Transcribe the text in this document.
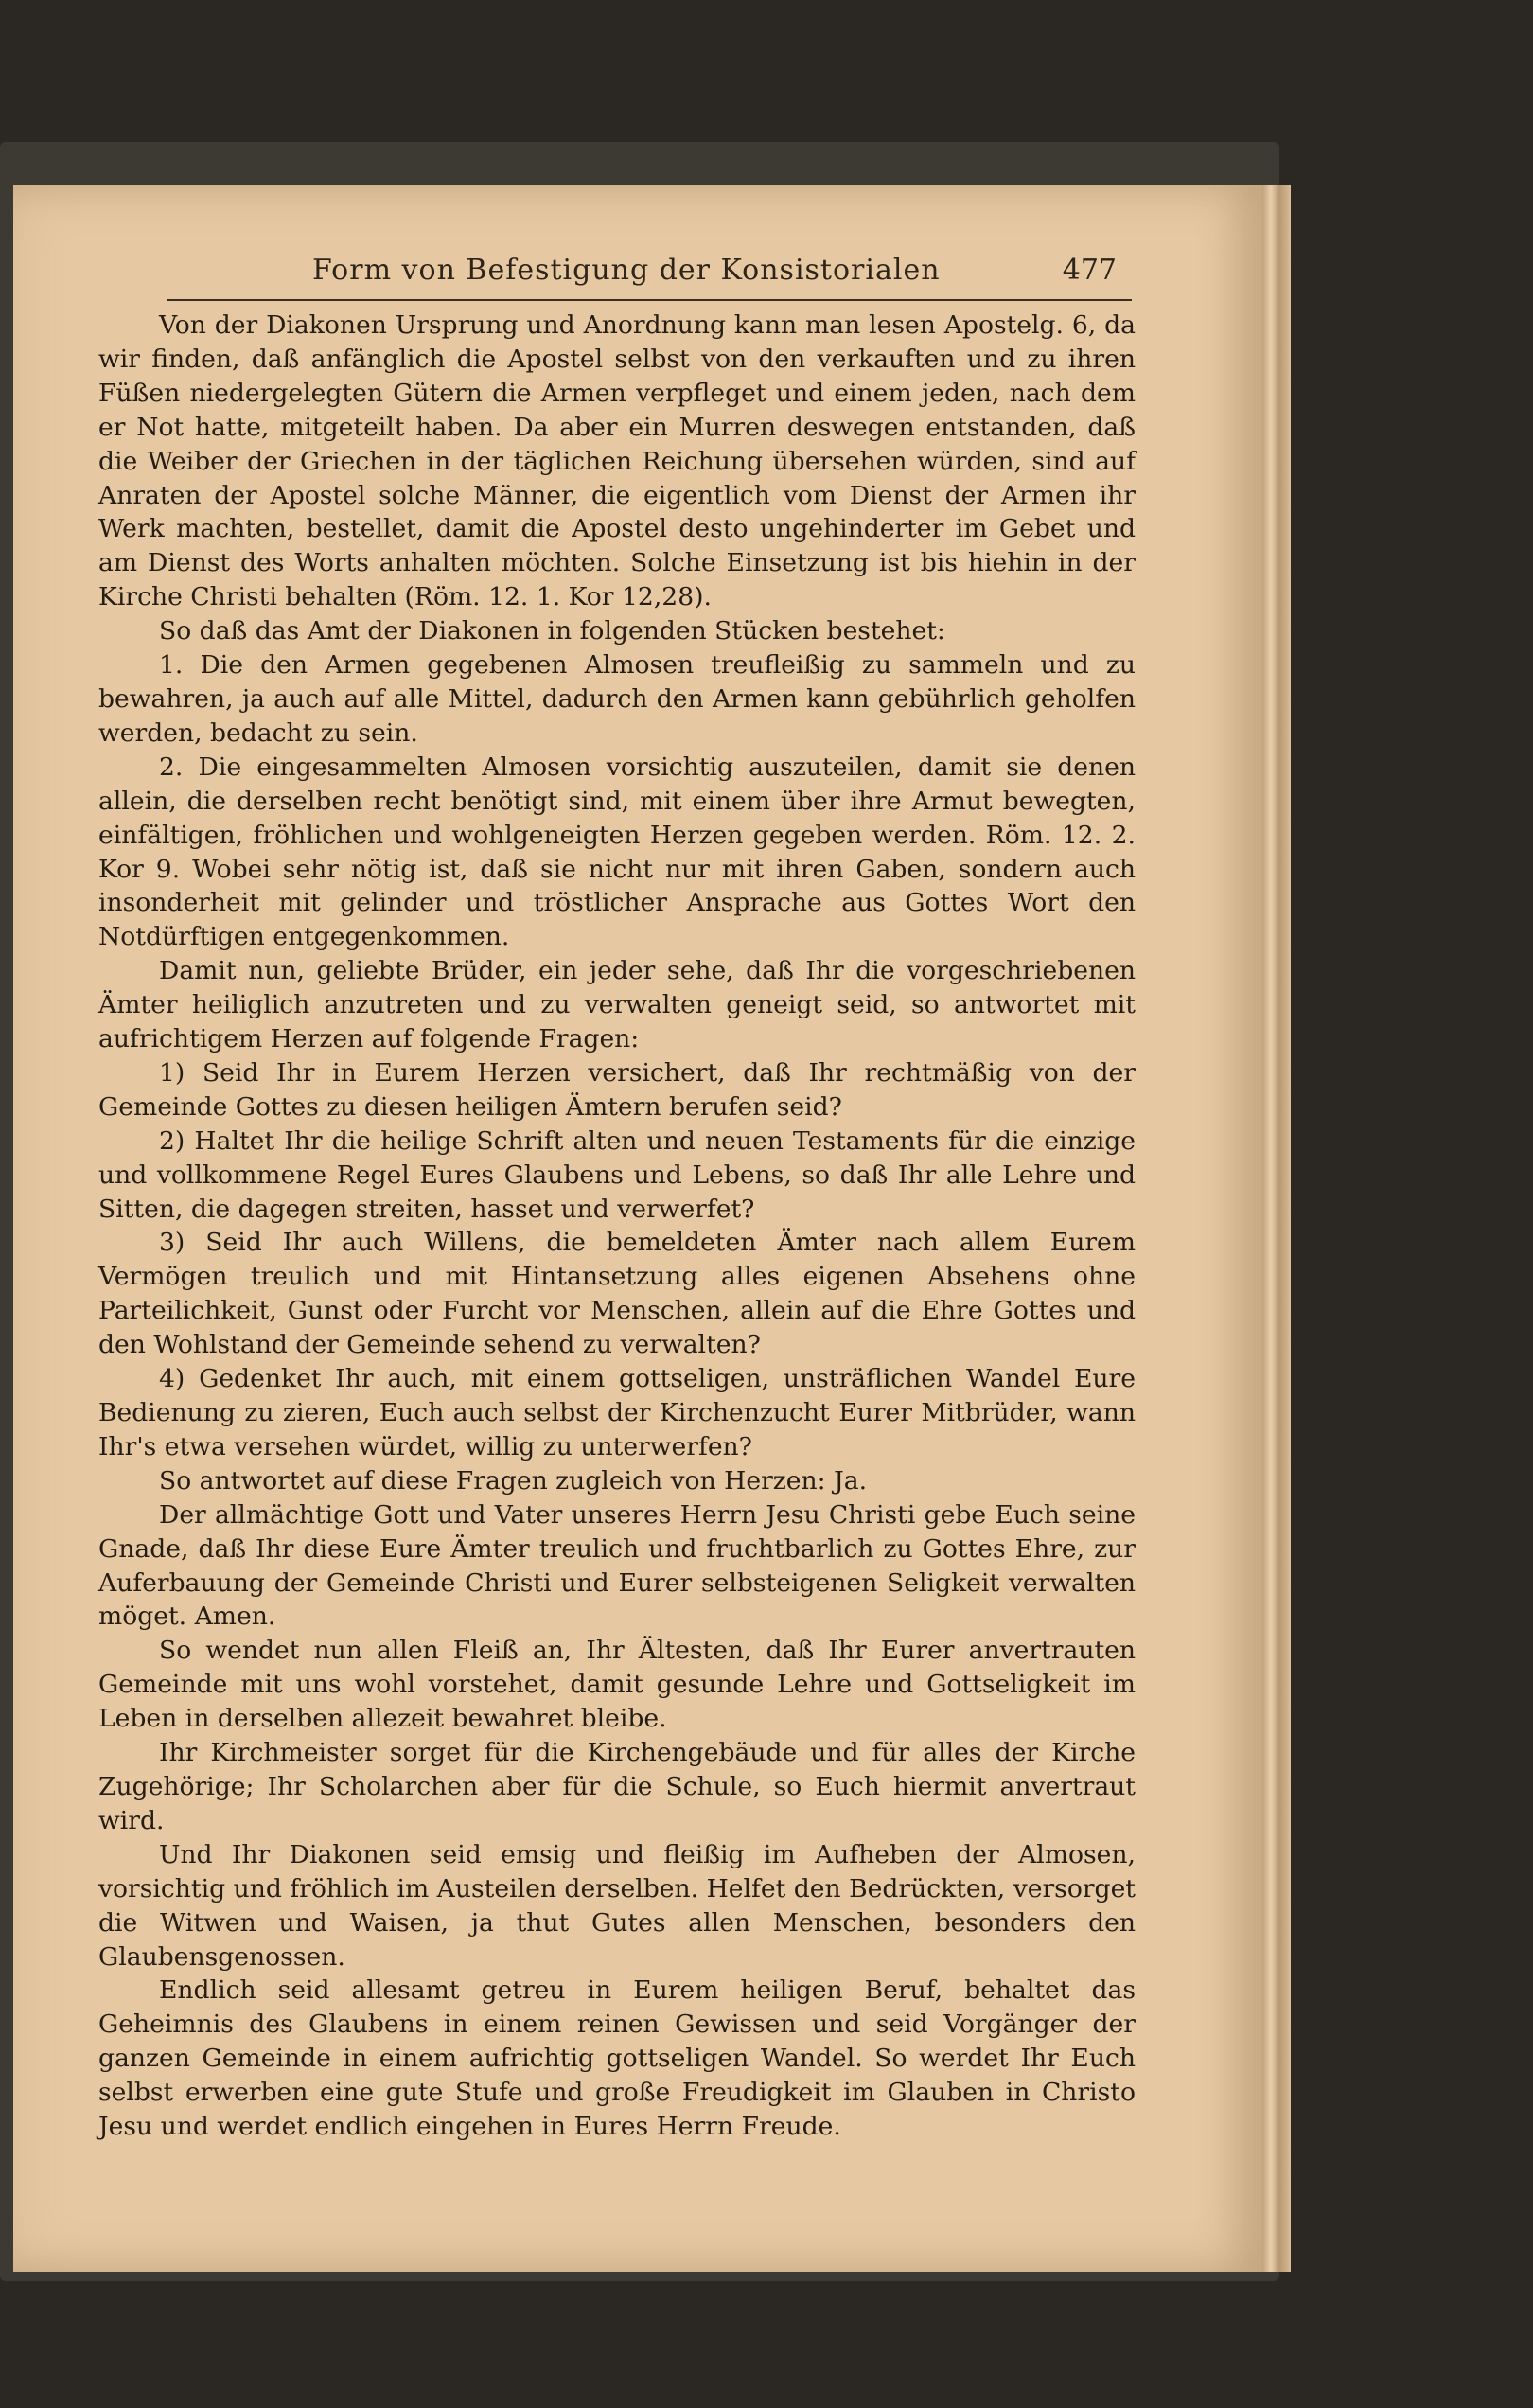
Form von Befestigung der Konsistorialen	477

Von der Diakonen Ursprung und Anordnung kann man lesen Apostelg. 6, da wir finden, daß anfänglich die Apostel selbst von den verkauften und zu ihren Füßen niedergelegten Gütern die Armen verpfleget und einem jeden, nach dem er Not hatte, mitgeteilt haben. Da aber ein Murren deswegen entstanden, daß die Weiber der Griechen in der täglichen Reichung übersehen würden, sind auf Anraten der Apostel solche Männer, die eigentlich vom Dienst der Armen ihr Werk machten, bestellet, damit die Apostel desto ungehinderter im Gebet und am Dienst des Worts anhalten möchten. Solche Einsetzung ist bis hiehin in der Kirche Christi behalten (Röm. 12. 1. Kor 12,28).

So daß das Amt der Diakonen in folgenden Stücken bestehet:

1. Die den Armen gegebenen Almosen treufleißig zu sammeln und zu bewahren, ja auch auf alle Mittel, dadurch den Armen kann gebührlich geholfen werden, bedacht zu sein.

2. Die eingesammelten Almosen vorsichtig auszuteilen, damit sie denen allein, die derselben recht benötigt sind, mit einem über ihre Armut bewegten, einfältigen, fröhlichen und wohlgeneigten Herzen gegeben werden. Röm. 12. 2. Kor 9. Wobei sehr nötig ist, daß sie nicht nur mit ihren Gaben, sondern auch insonderheit mit gelinder und tröstlicher Ansprache aus Gottes Wort den Notdürftigen entgegenkommen.

Damit nun, geliebte Brüder, ein jeder sehe, daß Ihr die vorgeschriebenen Ämter heiliglich anzutreten und zu verwalten geneigt seid, so antwortet mit aufrichtigem Herzen auf folgende Fragen:

1) Seid Ihr in Eurem Herzen versichert, daß Ihr rechtmäßig von der Gemeinde Gottes zu diesen heiligen Ämtern berufen seid?

2) Haltet Ihr die heilige Schrift alten und neuen Testaments für die einzige und vollkommene Regel Eures Glaubens und Lebens, so daß Ihr alle Lehre und Sitten, die dagegen streiten, hasset und verwerfet?

3) Seid Ihr auch Willens, die bemeldeten Ämter nach allem Eurem Vermögen treulich und mit Hintansetzung alles eigenen Absehens ohne Parteilichkeit, Gunst oder Furcht vor Menschen, allein auf die Ehre Gottes und den Wohlstand der Gemeinde sehend zu verwalten?

4) Gedenket Ihr auch, mit einem gottseligen, unsträflichen Wandel Eure Bedienung zu zieren, Euch auch selbst der Kirchenzucht Eurer Mitbrüder, wann Ihr's etwa versehen würdet, willig zu unterwerfen?

So antwortet auf diese Fragen zugleich von Herzen: Ja.

Der allmächtige Gott und Vater unseres Herrn Jesu Christi gebe Euch seine Gnade, daß Ihr diese Eure Ämter treulich und fruchtbarlich zu Gottes Ehre, zur Auferbauung der Gemeinde Christi und Eurer selbsteigenen Seligkeit verwalten möget. Amen.

So wendet nun allen Fleiß an, Ihr Ältesten, daß Ihr Eurer anvertrauten Gemeinde mit uns wohl vorstehet, damit gesunde Lehre und Gottseligkeit im Leben in derselben allezeit bewahret bleibe.

Ihr Kirchmeister sorget für die Kirchengebäude und für alles der Kirche Zugehörige; Ihr Scholarchen aber für die Schule, so Euch hiermit anvertraut wird.

Und Ihr Diakonen seid emsig und fleißig im Aufheben der Almosen, vorsichtig und fröhlich im Austeilen derselben. Helfet den Bedrückten, versorget die Witwen und Waisen, ja thut Gutes allen Menschen, besonders den Glaubensgenossen.

Endlich seid allesamt getreu in Eurem heiligen Beruf, behaltet das Geheimnis des Glaubens in einem reinen Gewissen und seid Vorgänger der ganzen Gemeinde in einem aufrichtig gottseligen Wandel. So werdet Ihr Euch selbst erwerben eine gute Stufe und große Freudigkeit im Glauben in Christo Jesu und werdet endlich eingehen in Eures Herrn Freude.
